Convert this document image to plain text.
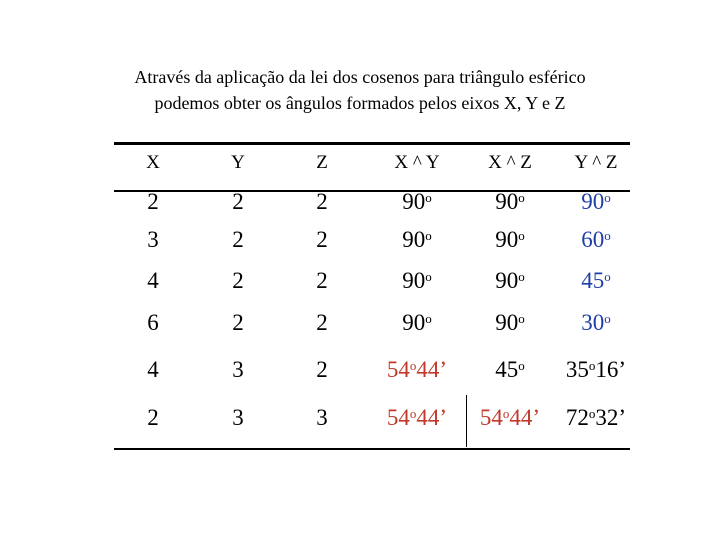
Através da aplicação da lei dos cosenos para triângulo esférico
podemos obter os ângulos formados pelos eixos X, Y e Z
X	Y	Z	X ^ Y	X ^ Z	Y ^ Z
2	2	2	90$^o$	90$^o$	90$^o$
3	2	2	90$^o$	90$^o$	60$^o$
4	2	2	90$^o$	90$^o$	45$^o$
6	2	2	90$^o$	90$^o$	30$^o$
4	3	2	54$^o$44’	45$^o$	35$^o$16’
2	3	3	54$^o$44’	54$^o$44’	72$^o$32’
